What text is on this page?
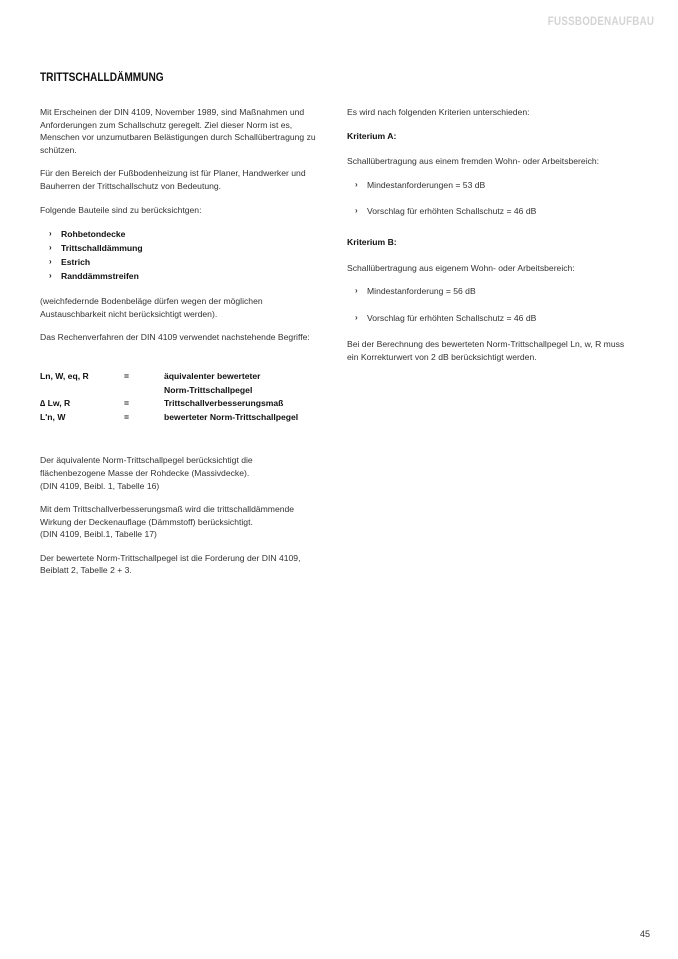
FUSSBODENAUFBAU
TRITTSCHALLDÄMMUNG

Mit Erscheinen der DIN 4109, November 1989, sind Maßnahmen und Anforderungen zum Schallschutz geregelt. Ziel dieser Norm ist es, Menschen vor unzumutbaren Belästigungen durch Schallübertragung zu schützen.

Für den Bereich der Fußbodenheizung ist für Planer, Handwerker und Bauherren der Trittschallschutz von Bedeutung.

Folgende Bauteile sind zu berücksichtgen:

› Rohbetondecke
› Trittschalldämmung
› Estrich
› Randdämmstreifen

(weichfedernde Bodenbeläge dürfen wegen der möglichen Austauschbarkeit nicht berücksichtigt werden).

Das Rechenverfahren der DIN 4109 verwendet nachstehende Begriffe:

Ln, W, eq, R	=	äquivalenter bewerteter
Norm-Trittschallpegel

∆ Lw, R	=	Trittschallverbesserungsmaß
L'n, W	=	bewerteter Norm-Trittschallpegel

Der äquivalente Norm-Trittschallpegel berücksichtigt die flächenbezogene Masse der Rohdecke (Massivdecke).
(DIN 4109, Beibl. 1, Tabelle 16)

Mit dem Trittschallverbesserungsmaß wird die trittschalldämmende Wirkung der Deckenauflage (Dämmstoff) berücksichtigt.
(DIN 4109, Beibl.1, Tabelle 17)

Der bewertete Norm-Trittschallpegel ist die Forderung der DIN 4109, Beiblatt 2, Tabelle 2 + 3.

Es wird nach folgenden Kriterien unterschieden:

Kriterium A:

Schallübertragung aus einem fremden Wohn- oder Arbeitsbereich:

› Mindestanforderungen = 53 dB
› Vorschlag für erhöhten Schallschutz = 46 dB
Kriterium B:

Schallübertragung aus eigenem Wohn- oder Arbeitsbereich:

› Mindestanforderung = 56 dB
› Vorschlag für erhöhten Schallschutz = 46 dB

Bei der Berechnung des bewerteten Norm-Trittschallpegel Ln, w, R muss ein Korrekturwert von 2 dB berücksichtigt werden.

45
